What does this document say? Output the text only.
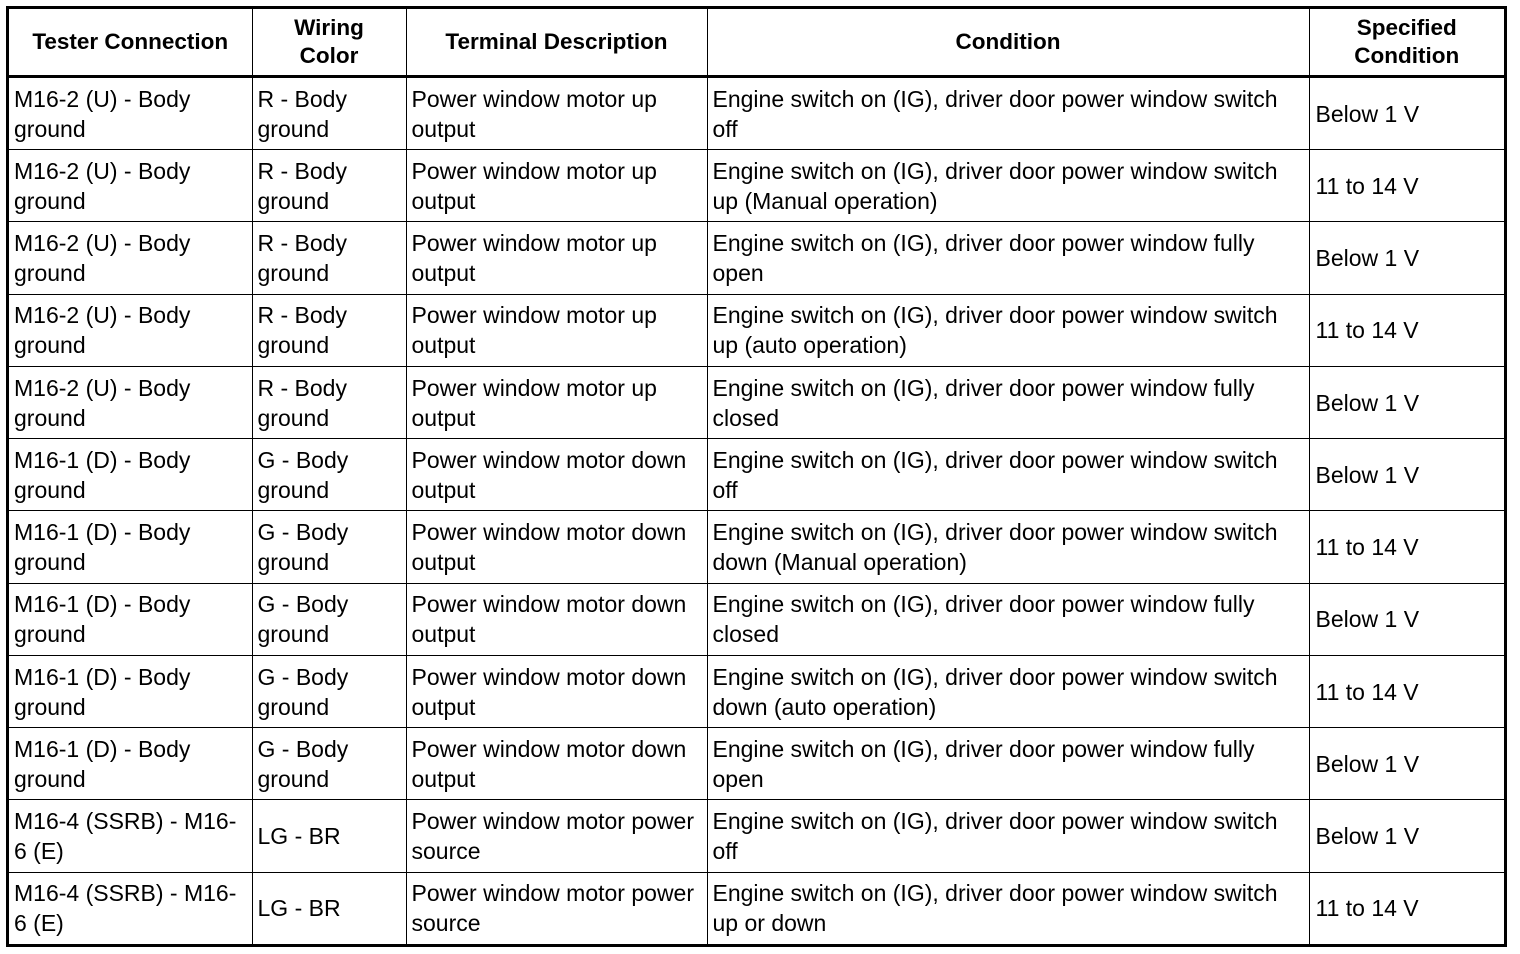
Tester Connection	Wiring Color	Terminal Description	Condition	Specified Condition
M16-2 (U) - Body ground	R - Body ground	Power window motor up output	Engine switch on (IG), driver door power window switch off	Below 1 V
M16-2 (U) - Body ground	R - Body ground	Power window motor up output	Engine switch on (IG), driver door power window switch up (Manual operation)	11 to 14 V
M16-2 (U) - Body ground	R - Body ground	Power window motor up output	Engine switch on (IG), driver door power window fully open	Below 1 V
M16-2 (U) - Body ground	R - Body ground	Power window motor up output	Engine switch on (IG), driver door power window switch up (auto operation)	11 to 14 V
M16-2 (U) - Body ground	R - Body ground	Power window motor up output	Engine switch on (IG), driver door power window fully closed	Below 1 V
M16-1 (D) - Body ground	G - Body ground	Power window motor down output	Engine switch on (IG), driver door power window switch off	Below 1 V
M16-1 (D) - Body ground	G - Body ground	Power window motor down output	Engine switch on (IG), driver door power window switch down (Manual operation)	11 to 14 V
M16-1 (D) - Body ground	G - Body ground	Power window motor down output	Engine switch on (IG), driver door power window fully closed	Below 1 V
M16-1 (D) - Body ground	G - Body ground	Power window motor down output	Engine switch on (IG), driver door power window switch down (auto operation)	11 to 14 V
M16-1 (D) - Body ground	G - Body ground	Power window motor down output	Engine switch on (IG), driver door power window fully open	Below 1 V
M16-4 (SSRB) - M16-6 (E)	LG - BR	Power window motor power source	Engine switch on (IG), driver door power window switch off	Below 1 V
M16-4 (SSRB) - M16-6 (E)	LG - BR	Power window motor power source	Engine switch on (IG), driver door power window switch up or down	11 to 14 V
